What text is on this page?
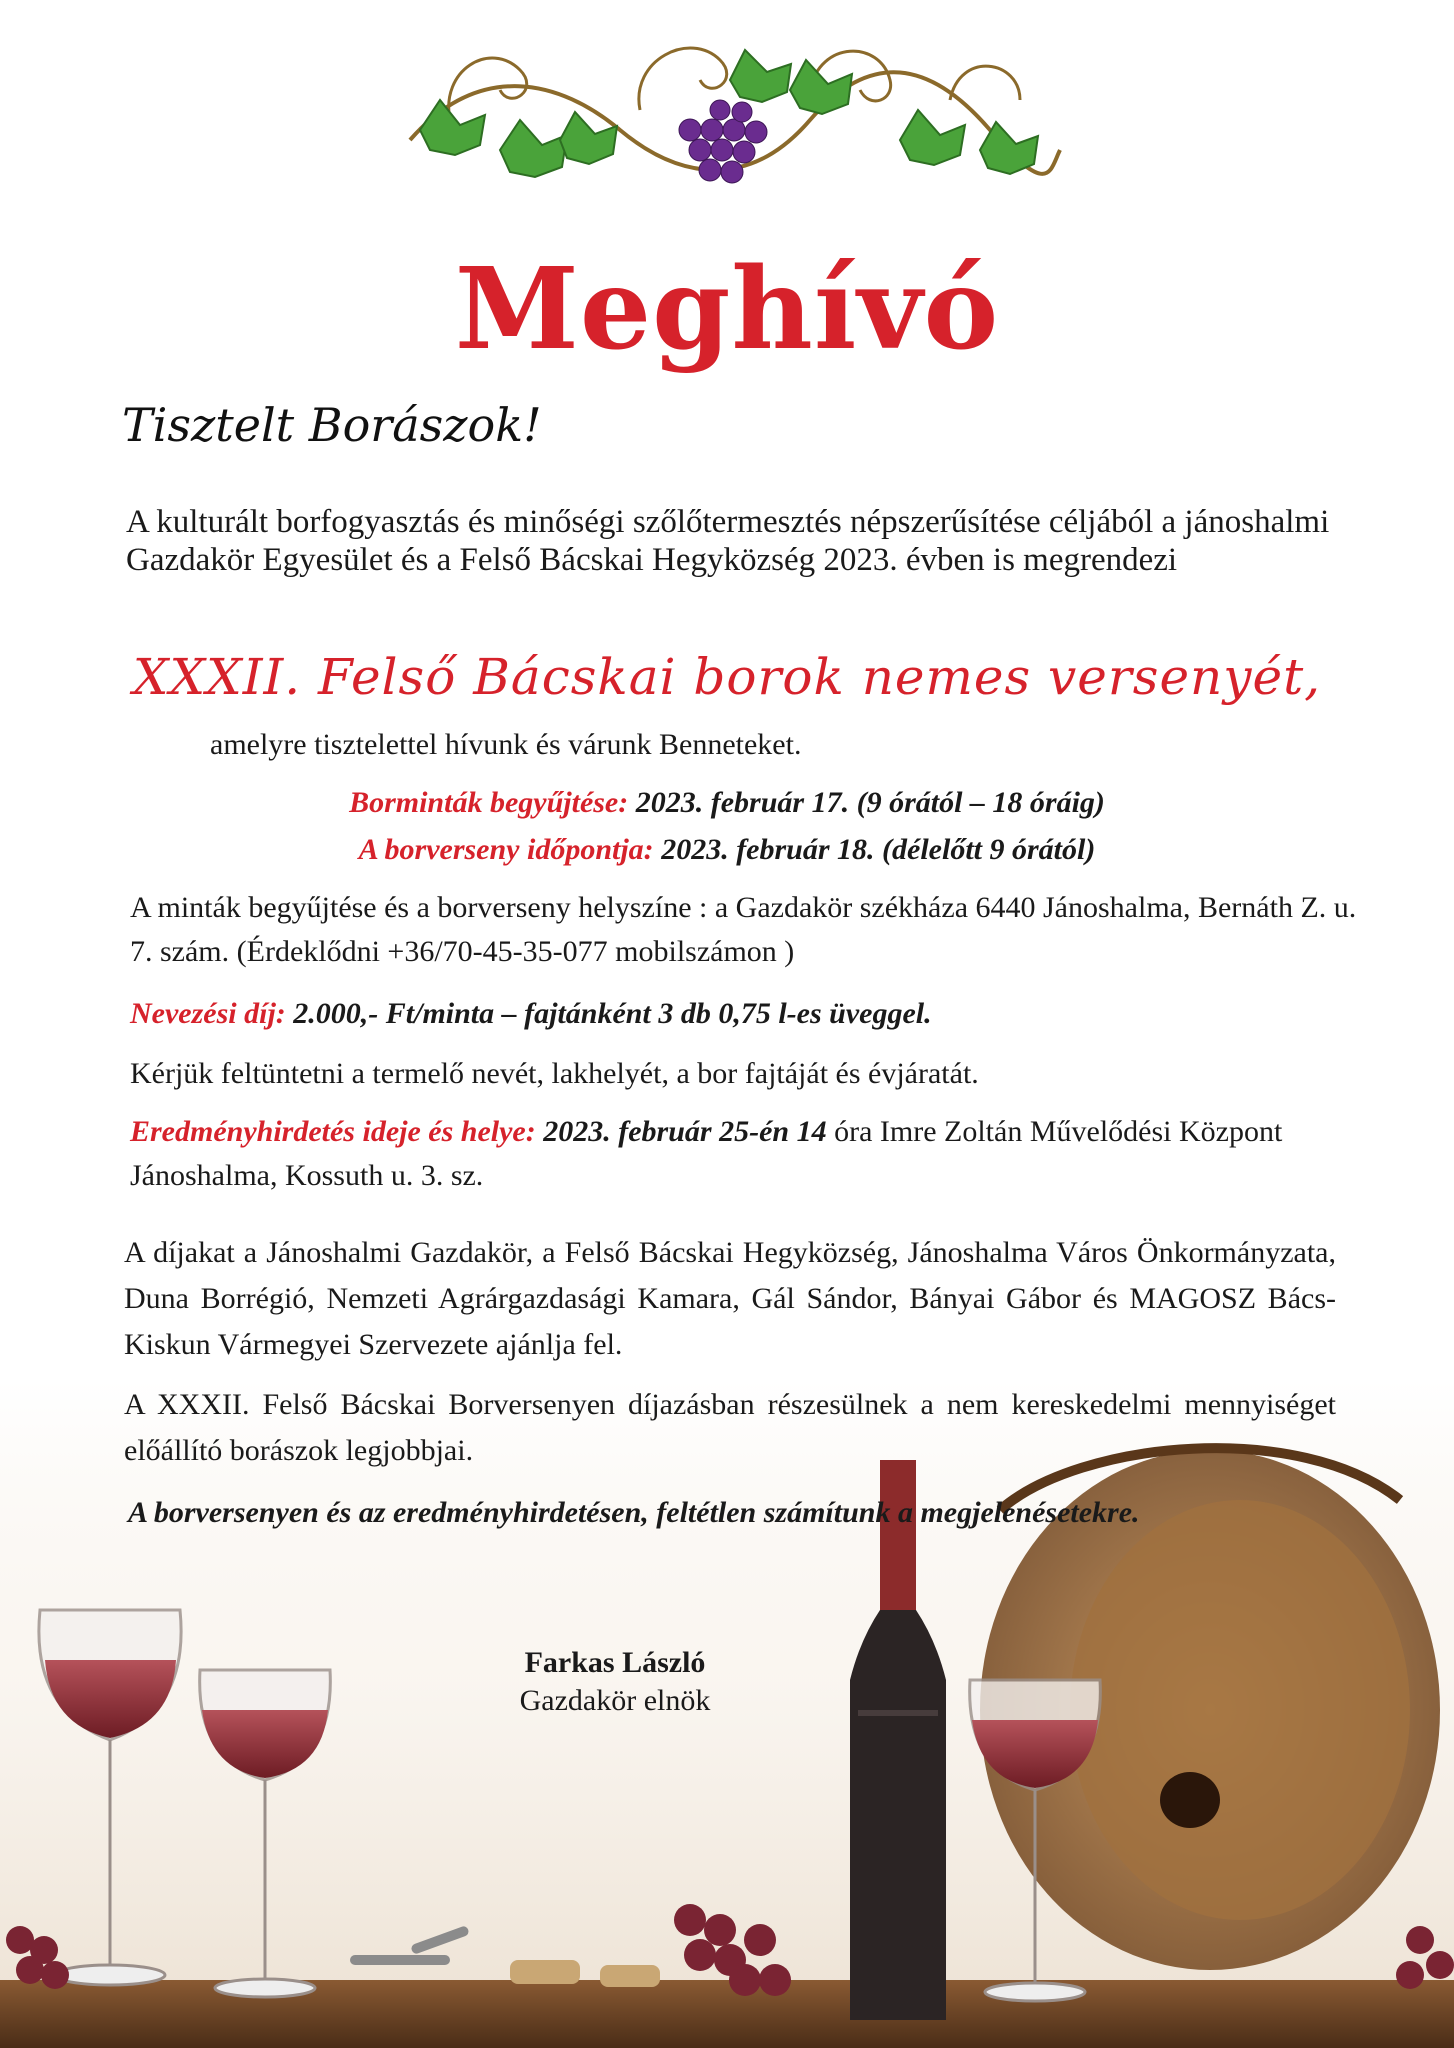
Meghívó
Tisztelt Borászok!
A kulturált borfogyasztás és minőségi szőlőtermesztés népszerűsítése céljából a jánoshalmi Gazdakör Egyesület és a Felső Bácskai Hegyközség 2023. évben is megrendezi
XXXII. Felső Bácskai borok nemes versenyét,
amelyre tisztelettel hívunk és várunk Benneteket.
Borminták begyűjtése: 2023. február 17. (9 órától – 18 óráig)
A borverseny időpontja: 2023. február 18. (délelőtt 9 órától)
A minták begyűjtése és a borverseny helyszíne : a Gazdakör székháza 6440 Jánoshalma, Bernáth Z. u. 7. szám. (Érdeklődni +36/70-45-35-077 mobilszámon )
Nevezési díj: 2.000,- Ft/minta – fajtánként 3 db 0,75 l-es üveggel.
Kérjük feltüntetni a termelő nevét, lakhelyét, a bor fajtáját és évjáratát.
Eredményhirdetés ideje és helye: 2023. február 25-én 14 óra Imre Zoltán Művelődési Központ Jánoshalma, Kossuth u. 3. sz.
A díjakat a Jánoshalmi Gazdakör, a Felső Bácskai Hegyközség, Jánoshalma Város Önkormányzata, Duna Borrégió, Nemzeti Agrárgazdasági Kamara, Gál Sándor, Bányai Gábor és MAGOSZ Bács-Kiskun Vármegyei Szervezete ajánlja fel.
A XXXII. Felső Bácskai Borversenyen díjazásban részesülnek a nem kereskedelmi mennyiséget előállító borászok legjobbjai.
A borversenyen és az eredményhirdetésen, feltétlen számítunk a megjelenésetekre.
Farkas László
Gazdakör elnök
